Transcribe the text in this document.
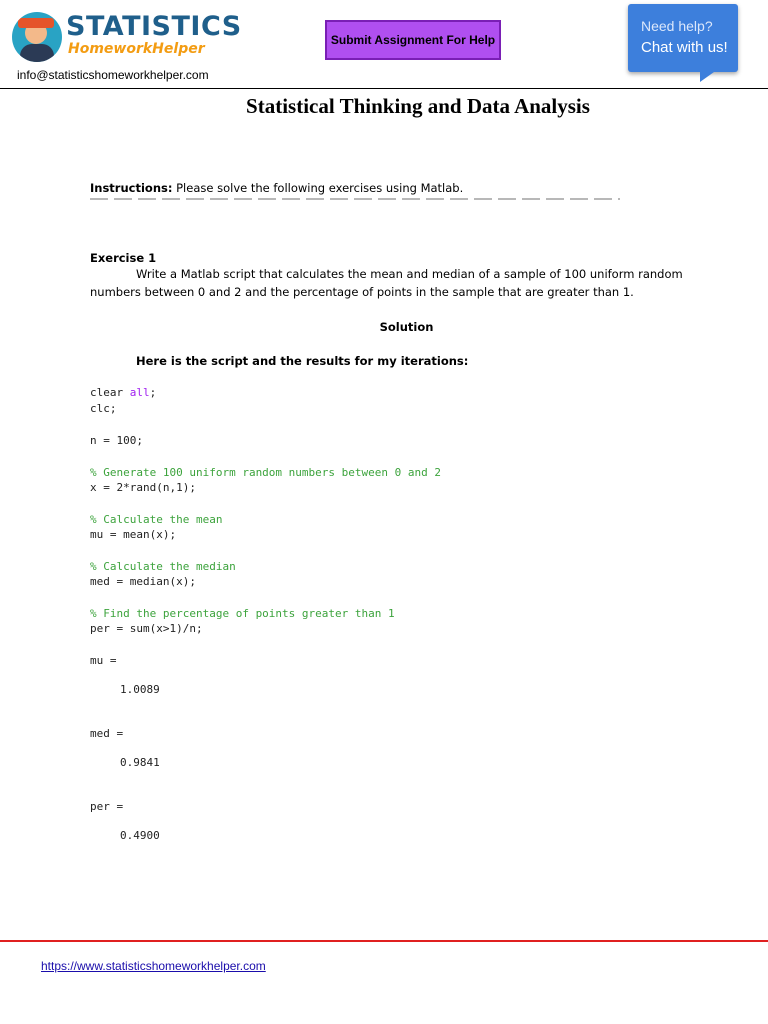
STATISTICS
HomeworkHelper
info@statisticshomeworkhelper.com
Submit Assignment For Help
Need help?
Chat with us!
Statistical Thinking and Data Analysis
Instructions: Please solve the following exercises using Matlab.
Exercise 1
Write a Matlab script that calculates the mean and median of a sample of 100 uniform random
numbers between 0 and 2 and the percentage of points in the sample that are greater than 1.
Solution
Here is the script and the results for my iterations:
clear all;
clc;
n = 100;
% Generate 100 uniform random numbers between 0 and 2
x = 2*rand(n,1);
% Calculate the mean
mu = mean(x);
% Calculate the median
med = median(x);
% Find the percentage of points greater than 1
per = sum(x>1)/n;
mu =
1.0089
med =
0.9841
per =
0.4900
https://www.statisticshomeworkhelper.com
